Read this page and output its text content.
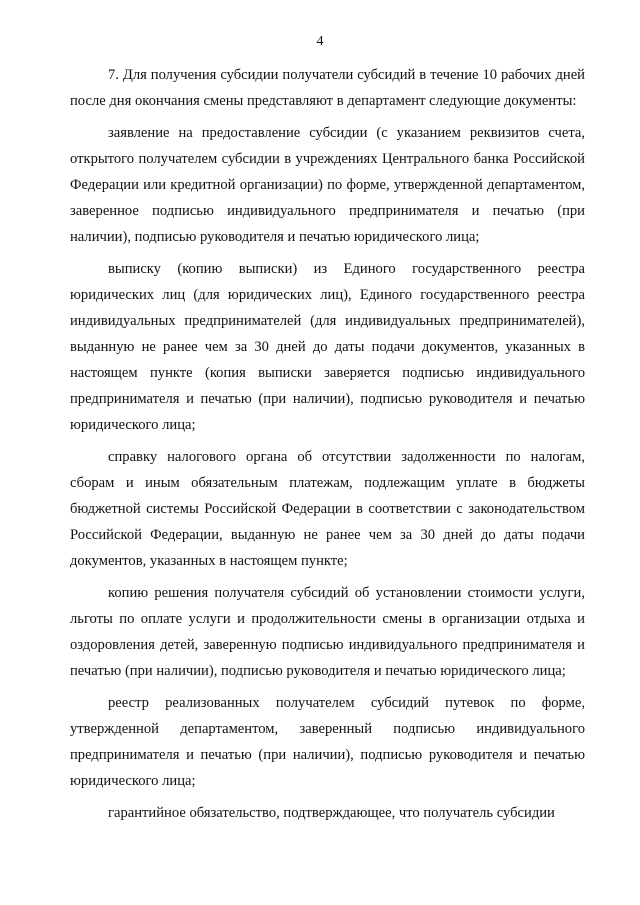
4

7. Для получения субсидии получатели субсидий в течение 10 рабочих дней после дня окончания смены представляют в департамент следующие документы:

заявление на предоставление субсидии (с указанием реквизитов счета, открытого получателем субсидии в учреждениях Центрального банка Российской Федерации или кредитной организации) по форме, утвержденной департаментом, заверенное подписью индивидуального предпринимателя и печатью (при наличии), подписью руководителя и печатью юридического лица;

выписку (копию выписки) из Единого государственного реестра юридических лиц (для юридических лиц), Единого государственного реестра индивидуальных предпринимателей (для индивидуальных предпринимателей), выданную не ранее чем за 30 дней до даты подачи документов, указанных в настоящем пункте (копия выписки заверяется подписью индивидуального предпринимателя и печатью (при наличии), подписью руководителя и печатью юридического лица;

справку налогового органа об отсутствии задолженности по налогам, сборам и иным обязательным платежам, подлежащим уплате в бюджеты бюджетной системы Российской Федерации в соответствии с законодательством Российской Федерации, выданную не ранее чем за 30 дней до даты подачи документов, указанных в настоящем пункте;

копию решения получателя субсидий об установлении стоимости услуги, льготы по оплате услуги и продолжительности смены в организации отдыха и оздоровления детей, заверенную подписью индивидуального предпринимателя и печатью (при наличии), подписью руководителя и печатью юридического лица;

реестр реализованных получателем субсидий путевок по форме, утвержденной департаментом, заверенный подписью индивидуального предпринимателя и печатью (при наличии), подписью руководителя и печатью юридического лица;

гарантийное обязательство, подтверждающее, что получатель субсидии
